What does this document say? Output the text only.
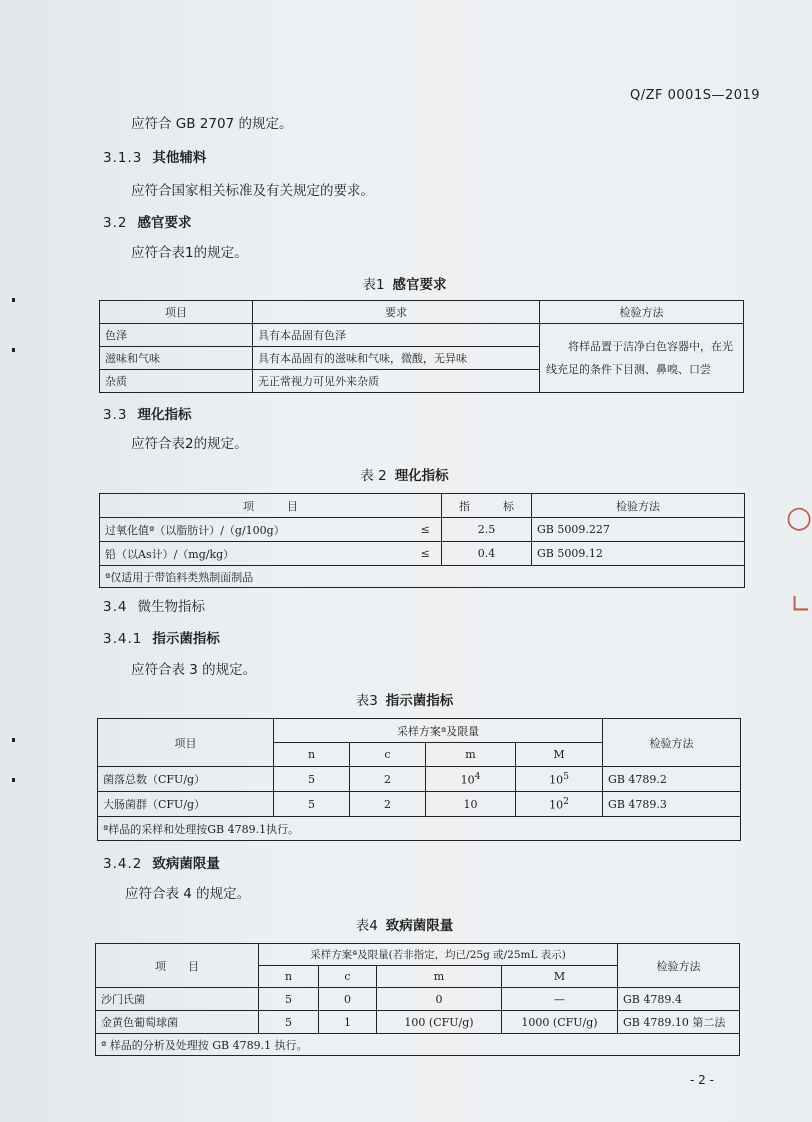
Q/ZF 0001S—2019
应符合 GB 2707 的规定。
3.1.3 其他辅料
应符合国家相关标准及有关规定的要求。
3.2 感官要求
应符合表1的规定。
表1 感官要求
项目	要求	检验方法
色泽	具有本品固有色泽	将样品置于洁净白色容器中，在光线充足的条件下目测、鼻嗅、口尝
滋味和气味	具有本品固有的滋味和气味，微酸，无异味	
杂质	无正常视力可见外来杂质	
3.3 理化指标
应符合表2的规定。
表 2 理化指标
项　　　目		指　　　标	检验方法
过氧化值ª（以脂肪计）/（g/100g）	≤	2.5	GB 5009.227
铅（以As计）/（mg/kg）	≤	0.4	GB 5009.12
ª仅适用于带馅料类熟制面制品			
3.4 微生物指标
3.4.1 指示菌指标
应符合表 3 的规定。
表3 指示菌指标
项目	采样方案ª及限量				检验方法
	n	c	m	M	
菌落总数（CFU/g）	5	2	$10^4$	$10^5$	GB 4789.2
大肠菌群（CFU/g）	5	2	10	$10^2$	GB 4789.3
ª样品的采样和处理按GB 4789.1执行。					
3.4.2 致病菌限量
应符合表 4 的规定。
表4 致病菌限量
项　　目	采样方案ª及限量(若非指定，均已/25g 或/25mL 表示)				检验方法
	n	c	m	M	
沙门氏菌	5	0	0	—	GB 4789.4
金黄色葡萄球菌	5	1	100 (CFU/g)	1000 (CFU/g)	GB 4789.10 第二法
ª 样品的分析及处理按 GB 4789.1 执行。					
- 2 -
○
∟
